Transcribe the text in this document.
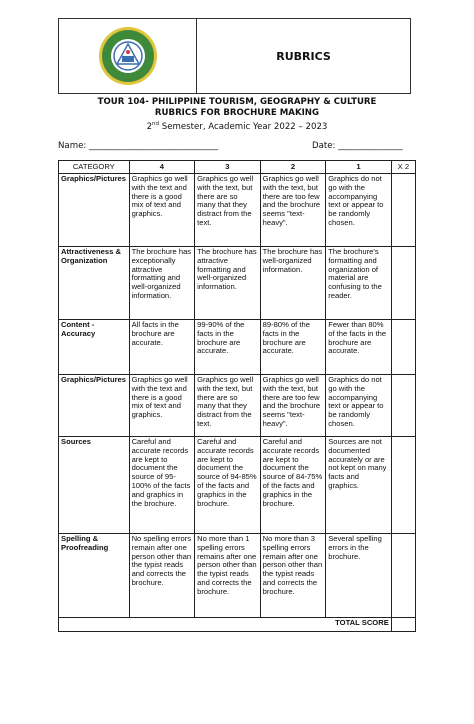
RUBRICS
TOUR 104- PHILIPPINE TOURISM, GEOGRAPHY & CULTURE
RUBRICS FOR BROCHURE MAKING
2nd Semester, Academic Year 2022 – 2023
Name: ______________________________	Date: _______________
CATEGORY	4	3	2	1	X 2
Graphics/Pictures	Graphics go well with the text and there is a good mix of text and graphics.	Graphics go well with the text, but there are so many that they distract from the text.	Graphics go well with the text, but there are too few and the brochure seems "text-heavy".	Graphics do not go with the accompanying text or appear to be randomly chosen.	
Attractiveness & Organization	The brochure has exceptionally attractive formatting and well-organized information.	The brochure has attractive formatting and well-organized information.	The brochure has well-organized information.	The brochure's formatting and organization of material are confusing to the reader.	
Content - Accuracy	All facts in the brochure are accurate.	99-90% of the facts in the brochure are accurate.	89-80% of the facts in the brochure are accurate.	Fewer than 80% of the facts in the brochure are accurate.	
Graphics/Pictures	Graphics go well with the text and there is a good mix of text and graphics.	Graphics go well with the text, but there are so many that they distract from the text.	Graphics go well with the text, but there are too few and the brochure seems "text-heavy".	Graphics do not go with the accompanying text or appear to be randomly chosen.	
Sources	Careful and accurate records are kept to document the source of 95-100% of the facts and graphics in the brochure.	Careful and accurate records are kept to document the source of 94-85% of the facts and graphics in the brochure.	Careful and accurate records are kept to document the source of 84-75% of the facts and graphics in the brochure.	Sources are not documented accurately or are not kept on many facts and graphics.	
Spelling & Proofreading	No spelling errors remain after one person other than the typist reads and corrects the brochure.	No more than 1 spelling errors remains after one person other than the typist reads and corrects the brochure.	No more than 3 spelling errors remain after one person other than the typist reads and corrects the brochure.	Several spelling errors in the brochure.	
TOTAL SCORE					
